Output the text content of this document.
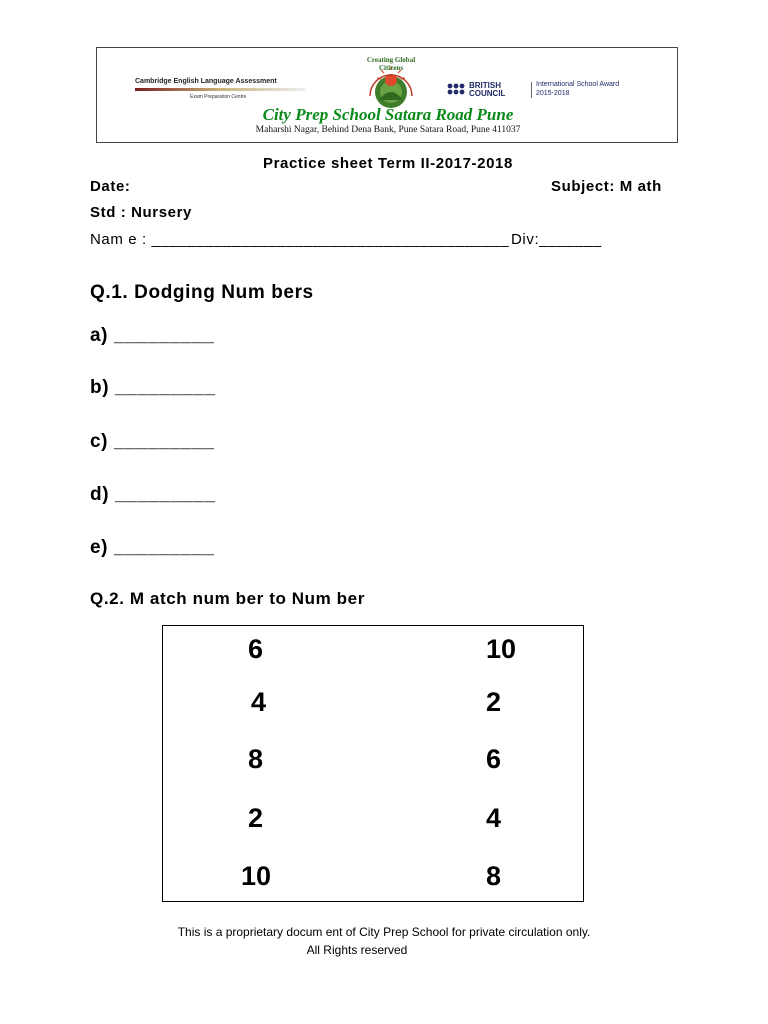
Cambridge English Language Assessment
Exam Preparation Centre
Creating Global Citizens
BRITISH
COUNCIL
International School Award
2015-2018
City Prep School Satara Road Pune
Maharshi Nagar, Behind Dena Bank, Pune Satara Road, Pune 411037
Practice sheet Term II-2017-2018
Date:	Subject: M ath
Std : Nursery
Nam e : ________________________________________ Div:_______
Q.1. Dodging Num bers
a) _________
b) _________
c) _________
d) _________
e) _________
Q.2. M atch num ber to Num ber
6
4
8
2
10
10
2
6
4
8
This is a proprietary docum ent of City Prep School for private circulation only.
All Rights reserved
